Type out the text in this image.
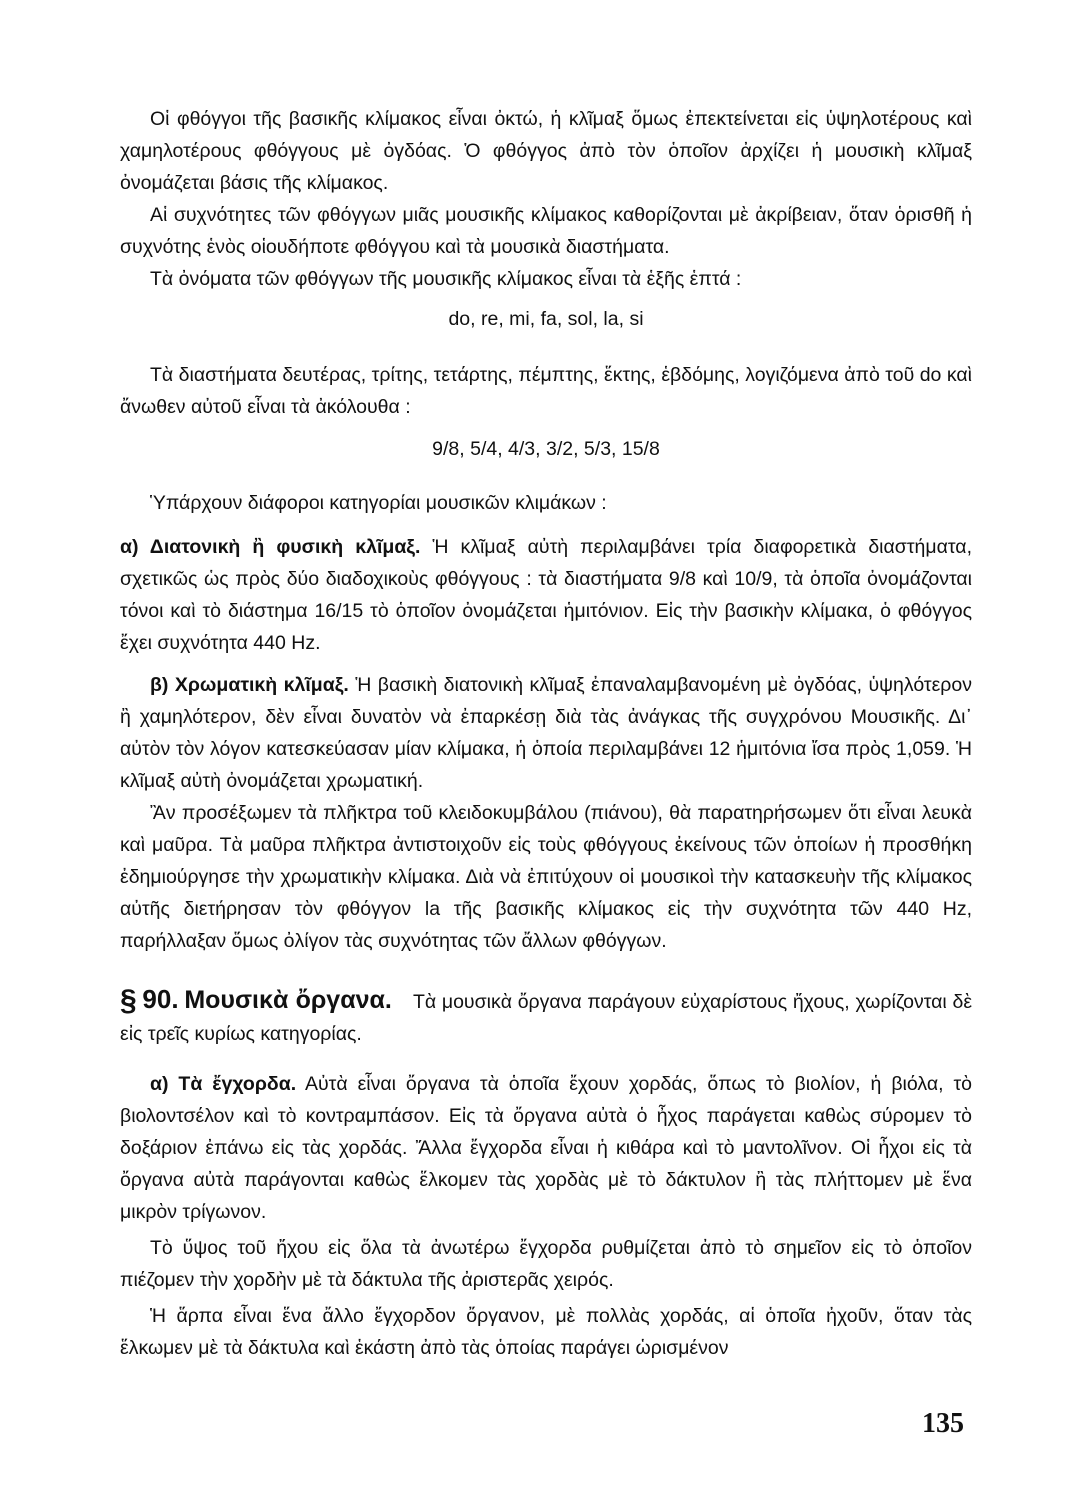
Οἱ φθόγγοι τῆς βασικῆς κλίμακος εἶναι ὀκτώ, ἡ κλῖμαξ ὅμως ἐπεκτείνεται εἰς ὑψηλοτέρους καὶ χαμηλοτέρους φθόγγους μὲ ὀγδόας. Ὁ φθόγγος ἀπὸ τὸν ὁποῖον ἀρχίζει ἡ μουσικὴ κλῖμαξ ὀνομάζεται βάσις τῆς κλίμακος.

Αἱ συχνότητες τῶν φθόγγων μιᾶς μουσικῆς κλίμακος καθορίζονται μὲ ἀκρίβειαν, ὅταν ὁρισθῆ ἡ συχνότης ἑνὸς οἱουδήποτε φθόγγου καὶ τὰ μουσικὰ διαστήματα.

Τὰ ὀνόματα τῶν φθόγγων τῆς μουσικῆς κλίμακος εἶναι τὰ ἑξῆς ἑπτά :

do, re, mi, fa, sol, la, si

Τὰ διαστήματα δευτέρας, τρίτης, τετάρτης, πέμπτης, ἕκτης, ἑβδόμης, λογιζόμενα ἀπὸ τοῦ do καὶ ἄνωθεν αὐτοῦ εἶναι τὰ ἀκόλουθα :

9/8, 5/4, 4/3, 3/2, 5/3, 15/8

Ὑπάρχουν διάφοροι κατηγορίαι μουσικῶν κλιμάκων :

α) Διατονικὴ ἢ φυσικὴ κλῖμαξ. Ἡ κλῖμαξ αὐτὴ περιλαμβάνει τρία διαφορετικὰ διαστήματα, σχετικῶς ὡς πρὸς δύο διαδοχικοὺς φθόγγους : τὰ διαστήματα 9/8 καὶ 10/9, τὰ ὁποῖα ὀνομάζονται τόνοι καὶ τὸ διάστημα 16/15 τὸ ὁποῖον ὀνομάζεται ἡμιτόνιον. Εἰς τὴν βασικὴν κλίμακα, ὁ φθόγγος ἔχει συχνότητα 440 Hz.

β) Χρωματικὴ κλῖμαξ. Ἡ βασικὴ διατονικὴ κλῖμαξ ἐπαναλαμβανομένη μὲ ὀγδόας, ὑψηλότερον ἢ χαμηλότερον, δὲν εἶναι δυνατὸν νὰ ἐπαρκέσῃ διὰ τὰς ἀνάγκας τῆς συγχρόνου Μουσικῆς. Δι᾽ αὐτὸν τὸν λόγον κατεσκεύασαν μίαν κλίμακα, ἡ ὁποία περιλαμβάνει 12 ἡμιτόνια ἴσα πρὸς 1,059. Ἡ κλῖμαξ αὐτὴ ὀνομάζεται χρωματική.

Ἂν προσέξωμεν τὰ πλῆκτρα τοῦ κλειδοκυμβάλου (πιάνου), θὰ παρατηρήσωμεν ὅτι εἶναι λευκὰ καὶ μαῦρα. Τὰ μαῦρα πλῆκτρα ἀντιστοιχοῦν εἰς τοὺς φθόγγους ἐκείνους τῶν ὁποίων ἡ προσθήκη ἐδημιούργησε τὴν χρωματικὴν κλίμακα. Διὰ νὰ ἐπιτύχουν οἱ μουσικοὶ τὴν κατασκευὴν τῆς κλίμακος αὐτῆς διετήρησαν τὸν φθόγγον la τῆς βασικῆς κλίμακος εἰς τὴν συχνότητα τῶν 440 Hz, παρήλλαξαν ὅμως ὀλίγον τὰς συχνότητας τῶν ἄλλων φθόγγων.

§ 90. Μουσικὰ ὄργανα. Τὰ μουσικὰ ὄργανα παράγουν εὐχαρίστους ἤχους, χωρίζονται δὲ εἰς τρεῖς κυρίως κατηγορίας.

α) Τὰ ἔγχορδα. Αὐτὰ εἶναι ὄργανα τὰ ὁποῖα ἔχουν χορδάς, ὅπως τὸ βιολίον, ἡ βιόλα, τὸ βιολοντσέλον καὶ τὸ κοντραμπάσον. Εἰς τὰ ὄργανα αὐτὰ ὁ ἦχος παράγεται καθὼς σύρομεν τὸ δοξάριον ἐπάνω εἰς τὰς χορδάς. Ἄλλα ἔγχορδα εἶναι ἡ κιθάρα καὶ τὸ μαντολῖνον. Οἱ ἦχοι εἰς τὰ ὄργανα αὐτὰ παράγονται καθὼς ἕλκομεν τὰς χορδὰς μὲ τὸ δάκτυλον ἢ τὰς πλήττομεν μὲ ἕνα μικρὸν τρίγωνον.

Τὸ ὕψος τοῦ ἤχου εἰς ὅλα τὰ ἀνωτέρω ἔγχορδα ρυθμίζεται ἀπὸ τὸ σημεῖον εἰς τὸ ὁποῖον πιέζομεν τὴν χορδὴν μὲ τὰ δάκτυλα τῆς ἀριστερᾶς χειρός.

Ἡ ἅρπα εἶναι ἕνα ἄλλο ἔγχορδον ὄργανον, μὲ πολλὰς χορδάς, αἱ ὁποῖα ἠχοῦν, ὅταν τὰς ἕλκωμεν μὲ τὰ δάκτυλα καὶ ἑκάστη ἀπὸ τὰς ὁποίας παράγει ὡρισμένον

135
